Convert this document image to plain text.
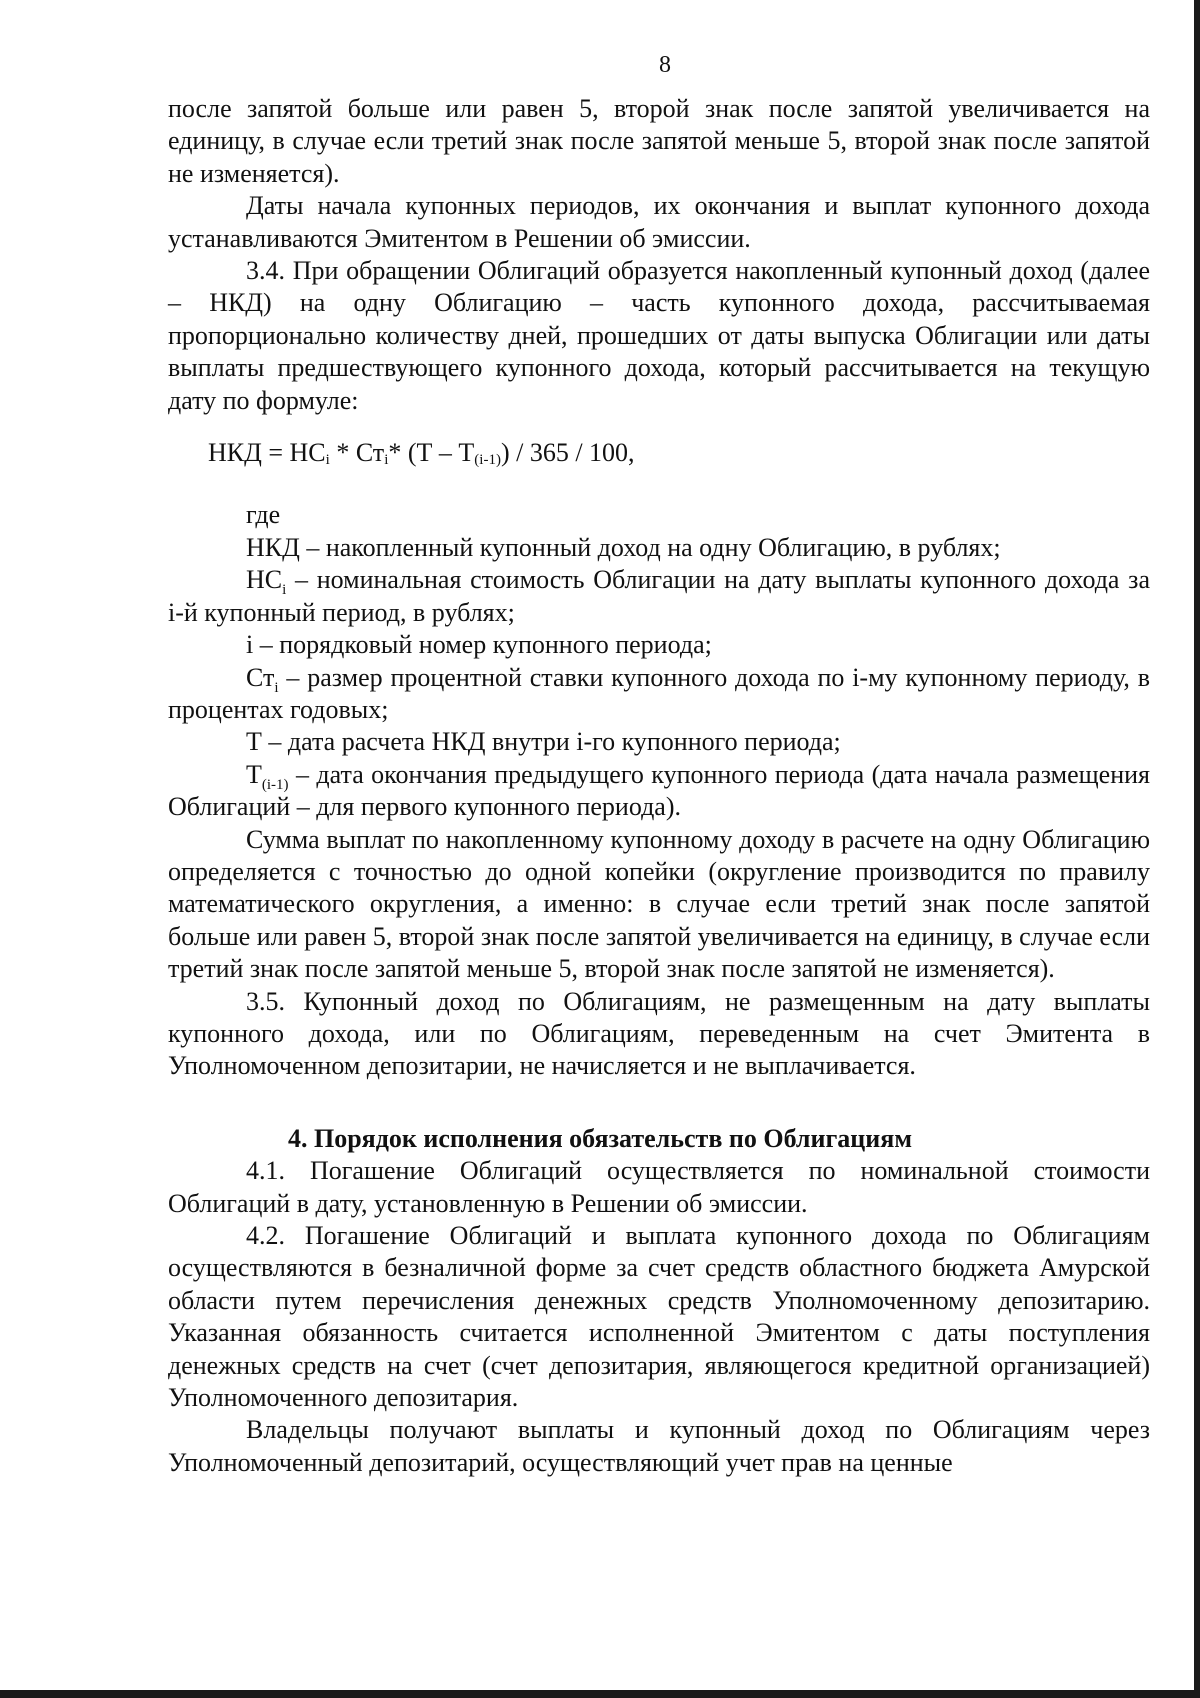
8

после запятой больше или равен 5, второй знак после запятой увеличивается на единицу, в случае если третий знак после запятой меньше 5, второй знак после запятой не изменяется).

Даты начала купонных периодов, их окончания и выплат купонного дохода устанавливаются Эмитентом в Решении об эмиссии.

3.4. При обращении Облигаций образуется накопленный купонный доход (далее – НКД) на одну Облигацию – часть купонного дохода, рассчитываемая пропорционально количеству дней, прошедших от даты выпуска Облигации или даты выплаты предшествующего купонного дохода, который рассчитывается на текущую дату по формуле:

НКД = $НС_i * Ст_i*$ $(Т - Т_{(i-1)}) / 365 / 100$,

где

НКД – накопленный купонный доход на одну Облигацию, в рублях;

$НС_i$ – номинальная стоимость Облигации на дату выплаты купонного дохода за i-й купонный период, в рублях;

i – порядковый номер купонного периода;

$Ст_i$ – размер процентной ставки купонного дохода по i-му купонному периоду, в процентах годовых;

Т – дата расчета НКД внутри i-го купонного периода;

$Т_{(i-1)}$ – дата окончания предыдущего купонного периода (дата начала размещения Облигаций – для первого купонного периода).

Сумма выплат по накопленному купонному доходу в расчете на одну Облигацию определяется с точностью до одной копейки (округление производится по правилу математического округления, а именно: в случае если третий знак после запятой больше или равен 5, второй знак после запятой увеличивается на единицу, в случае если третий знак после запятой меньше 5, второй знак после запятой не изменяется).

3.5. Купонный доход по Облигациям, не размещенным на дату выплаты купонного дохода, или по Облигациям, переведенным на счет Эмитента в Уполномоченном депозитарии, не начисляется и не выплачивается.

4. Порядок исполнения обязательств по Облигациям

4.1. Погашение Облигаций осуществляется по номинальной стоимости Облигаций в дату, установленную в Решении об эмиссии.

4.2. Погашение Облигаций и выплата купонного дохода по Облигациям осуществляются в безналичной форме за счет средств областного бюджета Амурской области путем перечисления денежных средств Уполномоченному депозитарию. Указанная обязанность считается исполненной Эмитентом с даты поступления денежных средств на счет (счет депозитария, являющегося кредитной организацией) Уполномоченного депозитария.

Владельцы получают выплаты и купонный доход по Облигациям через Уполномоченный депозитарий, осуществляющий учет прав на ценные
